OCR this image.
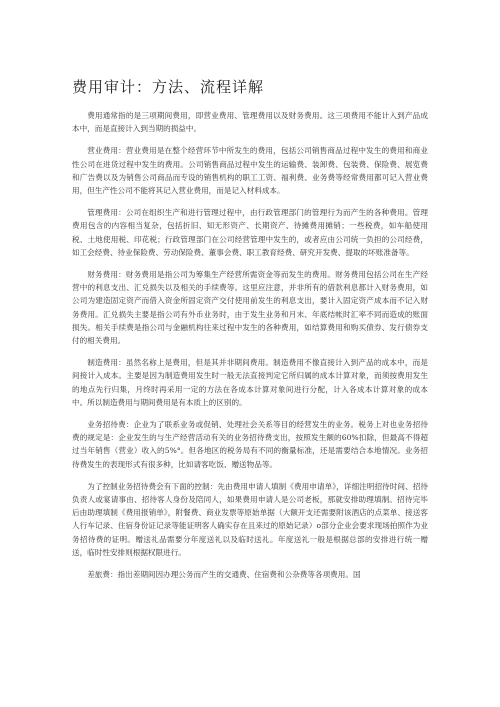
费用审计：方法、流程详解

费用通常指的是三项期间费用，即营业费用、管理费用以及财务费用。这三项费用不能计入到产品成本中，而是直接计入到当期的损益中。

营业费用：营业费用是在整个经营环节中所发生的费用，包括公司销售商品过程中发生的费用和商业性公司在进货过程中发生的费用。公司销售商品过程中发生的运输费、装卸费、包装费、保险费、展览费和广告费以及为销售公司商品而专设的销售机构的职工工资、福利费、业务费等经常费用都可记入营业费用，但生产性公司不能将其记入营业费用，而是记入材料成本。

管理费用：公司在组织生产和进行管理过程中，由行政管理部门的管理行为而产生的各种费用。管理费用包含的内容相当复杂，包括折旧、知无形资产、长期资产、待摊费用摊销；一些税费，如车船使用税、土地使用税、印花税；行政管理部门在公司经营管理中发生的，或者应由公司统一负担的公司经费，如工会经费、待业保险费、劳动保险费、董事会费、职工教育经费、研究开发费、提取的坏账准备等。

财务费用：财务费用是指公司为筹集生产经营所需资金等而发生的费用。财务费用包括公司在生产经营中的利息支出、汇兑损失以及相关的手续费等。这里应注意，并非所有的借款利息都计入财务费用，如公司为建造固定资产而借入资金所固定资产交付使用前发生的利息支出，要计入固定资产成本而不记入财务费用。汇兑损失主要是指公司有外币业务时，由于发生业务和月末、年底结帐时汇率不同而造成的账面损失。相关手续费是指公司与金融机构往来过程中发生的各种费用，如结算费用和购买债券、发行债券支付的相关费用。

制造费用：虽然名称上是费用，但是其并非期间费用。制造费用不像直接计入到产品的成本中，而是间接计入成本。主要是因为制造费用发生时一般无法直接判定它所归属的成本计算对象，而须按费用发生的地点先行归集，月终时再采用一定的方法在各成本计算对象间进行分配，计入各成本计算对象的成本中。所以制造费用与期间费用是有本质上的区别的。

业务招待费：企业为了联系业务或促销、处理社会关系等目的经营发生的业务。税务上对也业务招待费的规定是：企业发生的与生产经营活动有关的业务招待费支出，按照发生额的60%扣除，但最高不得超过当年销售（营业）收入的5%°。但各地区的税务局有不同的衡量标准，还是需要结合本地情况。业务招待费发生的表现形式有很多种，比如请客吃饭、赠送物品等。

为了控制业务招待费会有下面的控制：先由费用申请人填制《费用申请单》，详细注明招待时间、招待负责人或宴请事由、招待客人身份及陪同人，如果费用申请人是公司老板，那就安排助理填制。招待完毕后由助理填制《费用报销单》，附餐费、商业发票等原始单据（大额开支还需要附该酒店的点菜单、接送客人行车记录、住宿身份证记录等能证明客人确实存在且来过的原始记录）o部分企业会要求现场拍照作为业务招待费的证明。赠送礼品需要分年度送礼以及临时送礼。年度送礼一般是根据总部的安排进行统一赠送，临时性安排则根据权限进行。

差旅费：指出差期间因办理公务而产生的交通费、住宿费和公杂费等各项费用。国
